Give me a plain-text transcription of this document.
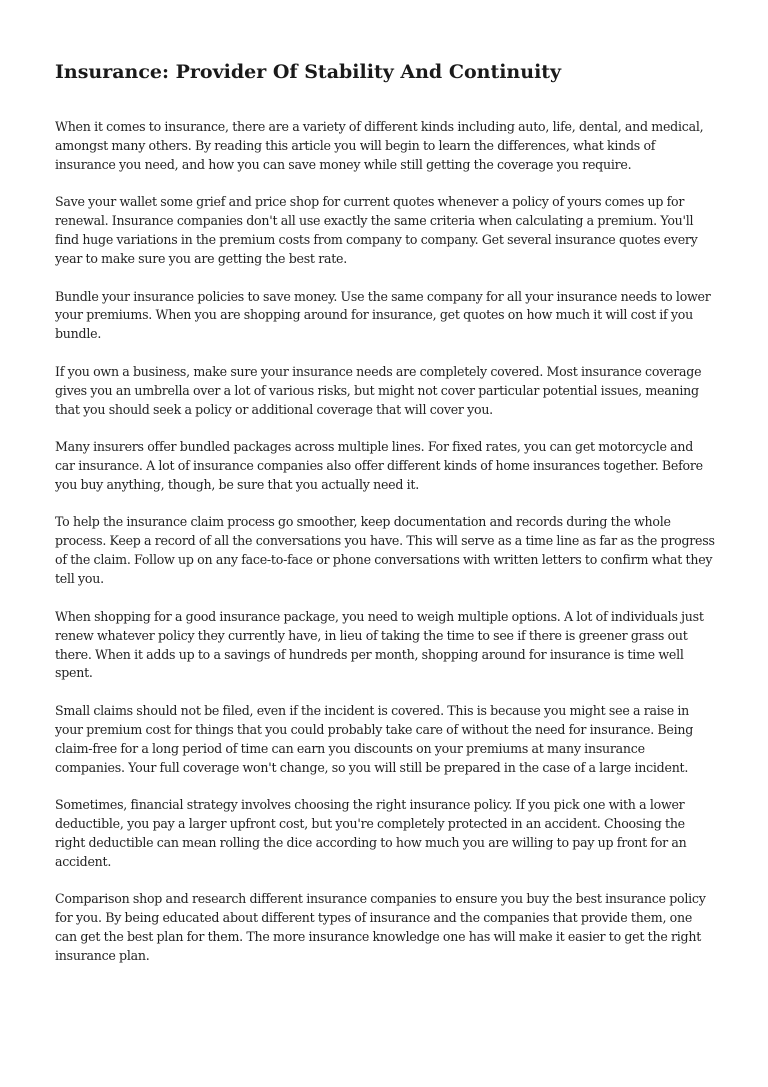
Insurance: Provider Of Stability And Continuity

When it comes to insurance, there are a variety of different kinds including auto, life, dental, and medical, amongst many others. By reading this article you will begin to learn the differences, what kinds of insurance you need, and how you can save money while still getting the coverage you require.

Save your wallet some grief and price shop for current quotes whenever a policy of yours comes up for renewal. Insurance companies don't all use exactly the same criteria when calculating a premium. You'll find huge variations in the premium costs from company to company. Get several insurance quotes every year to make sure you are getting the best rate.

Bundle your insurance policies to save money. Use the same company for all your insurance needs to lower your premiums. When you are shopping around for insurance, get quotes on how much it will cost if you bundle.

If you own a business, make sure your insurance needs are completely covered. Most insurance coverage gives you an umbrella over a lot of various risks, but might not cover particular potential issues, meaning that you should seek a policy or additional coverage that will cover you.

Many insurers offer bundled packages across multiple lines. For fixed rates, you can get motorcycle and car insurance. A lot of insurance companies also offer different kinds of home insurances together. Before you buy anything, though, be sure that you actually need it.

To help the insurance claim process go smoother, keep documentation and records during the whole process. Keep a record of all the conversations you have. This will serve as a time line as far as the progress of the claim. Follow up on any face-to-face or phone conversations with written letters to confirm what they tell you.

When shopping for a good insurance package, you need to weigh multiple options. A lot of individuals just renew whatever policy they currently have, in lieu of taking the time to see if there is greener grass out there. When it adds up to a savings of hundreds per month, shopping around for insurance is time well spent.

Small claims should not be filed, even if the incident is covered. This is because you might see a raise in your premium cost for things that you could probably take care of without the need for insurance. Being claim-free for a long period of time can earn you discounts on your premiums at many insurance companies. Your full coverage won't change, so you will still be prepared in the case of a large incident.

Sometimes, financial strategy involves choosing the right insurance policy. If you pick one with a lower deductible, you pay a larger upfront cost, but you're completely protected in an accident. Choosing the right deductible can mean rolling the dice according to how much you are willing to pay up front for an accident.

Comparison shop and research different insurance companies to ensure you buy the best insurance policy for you. By being educated about different types of insurance and the companies that provide them, one can get the best plan for them. The more insurance knowledge one has will make it easier to get the right insurance plan.
